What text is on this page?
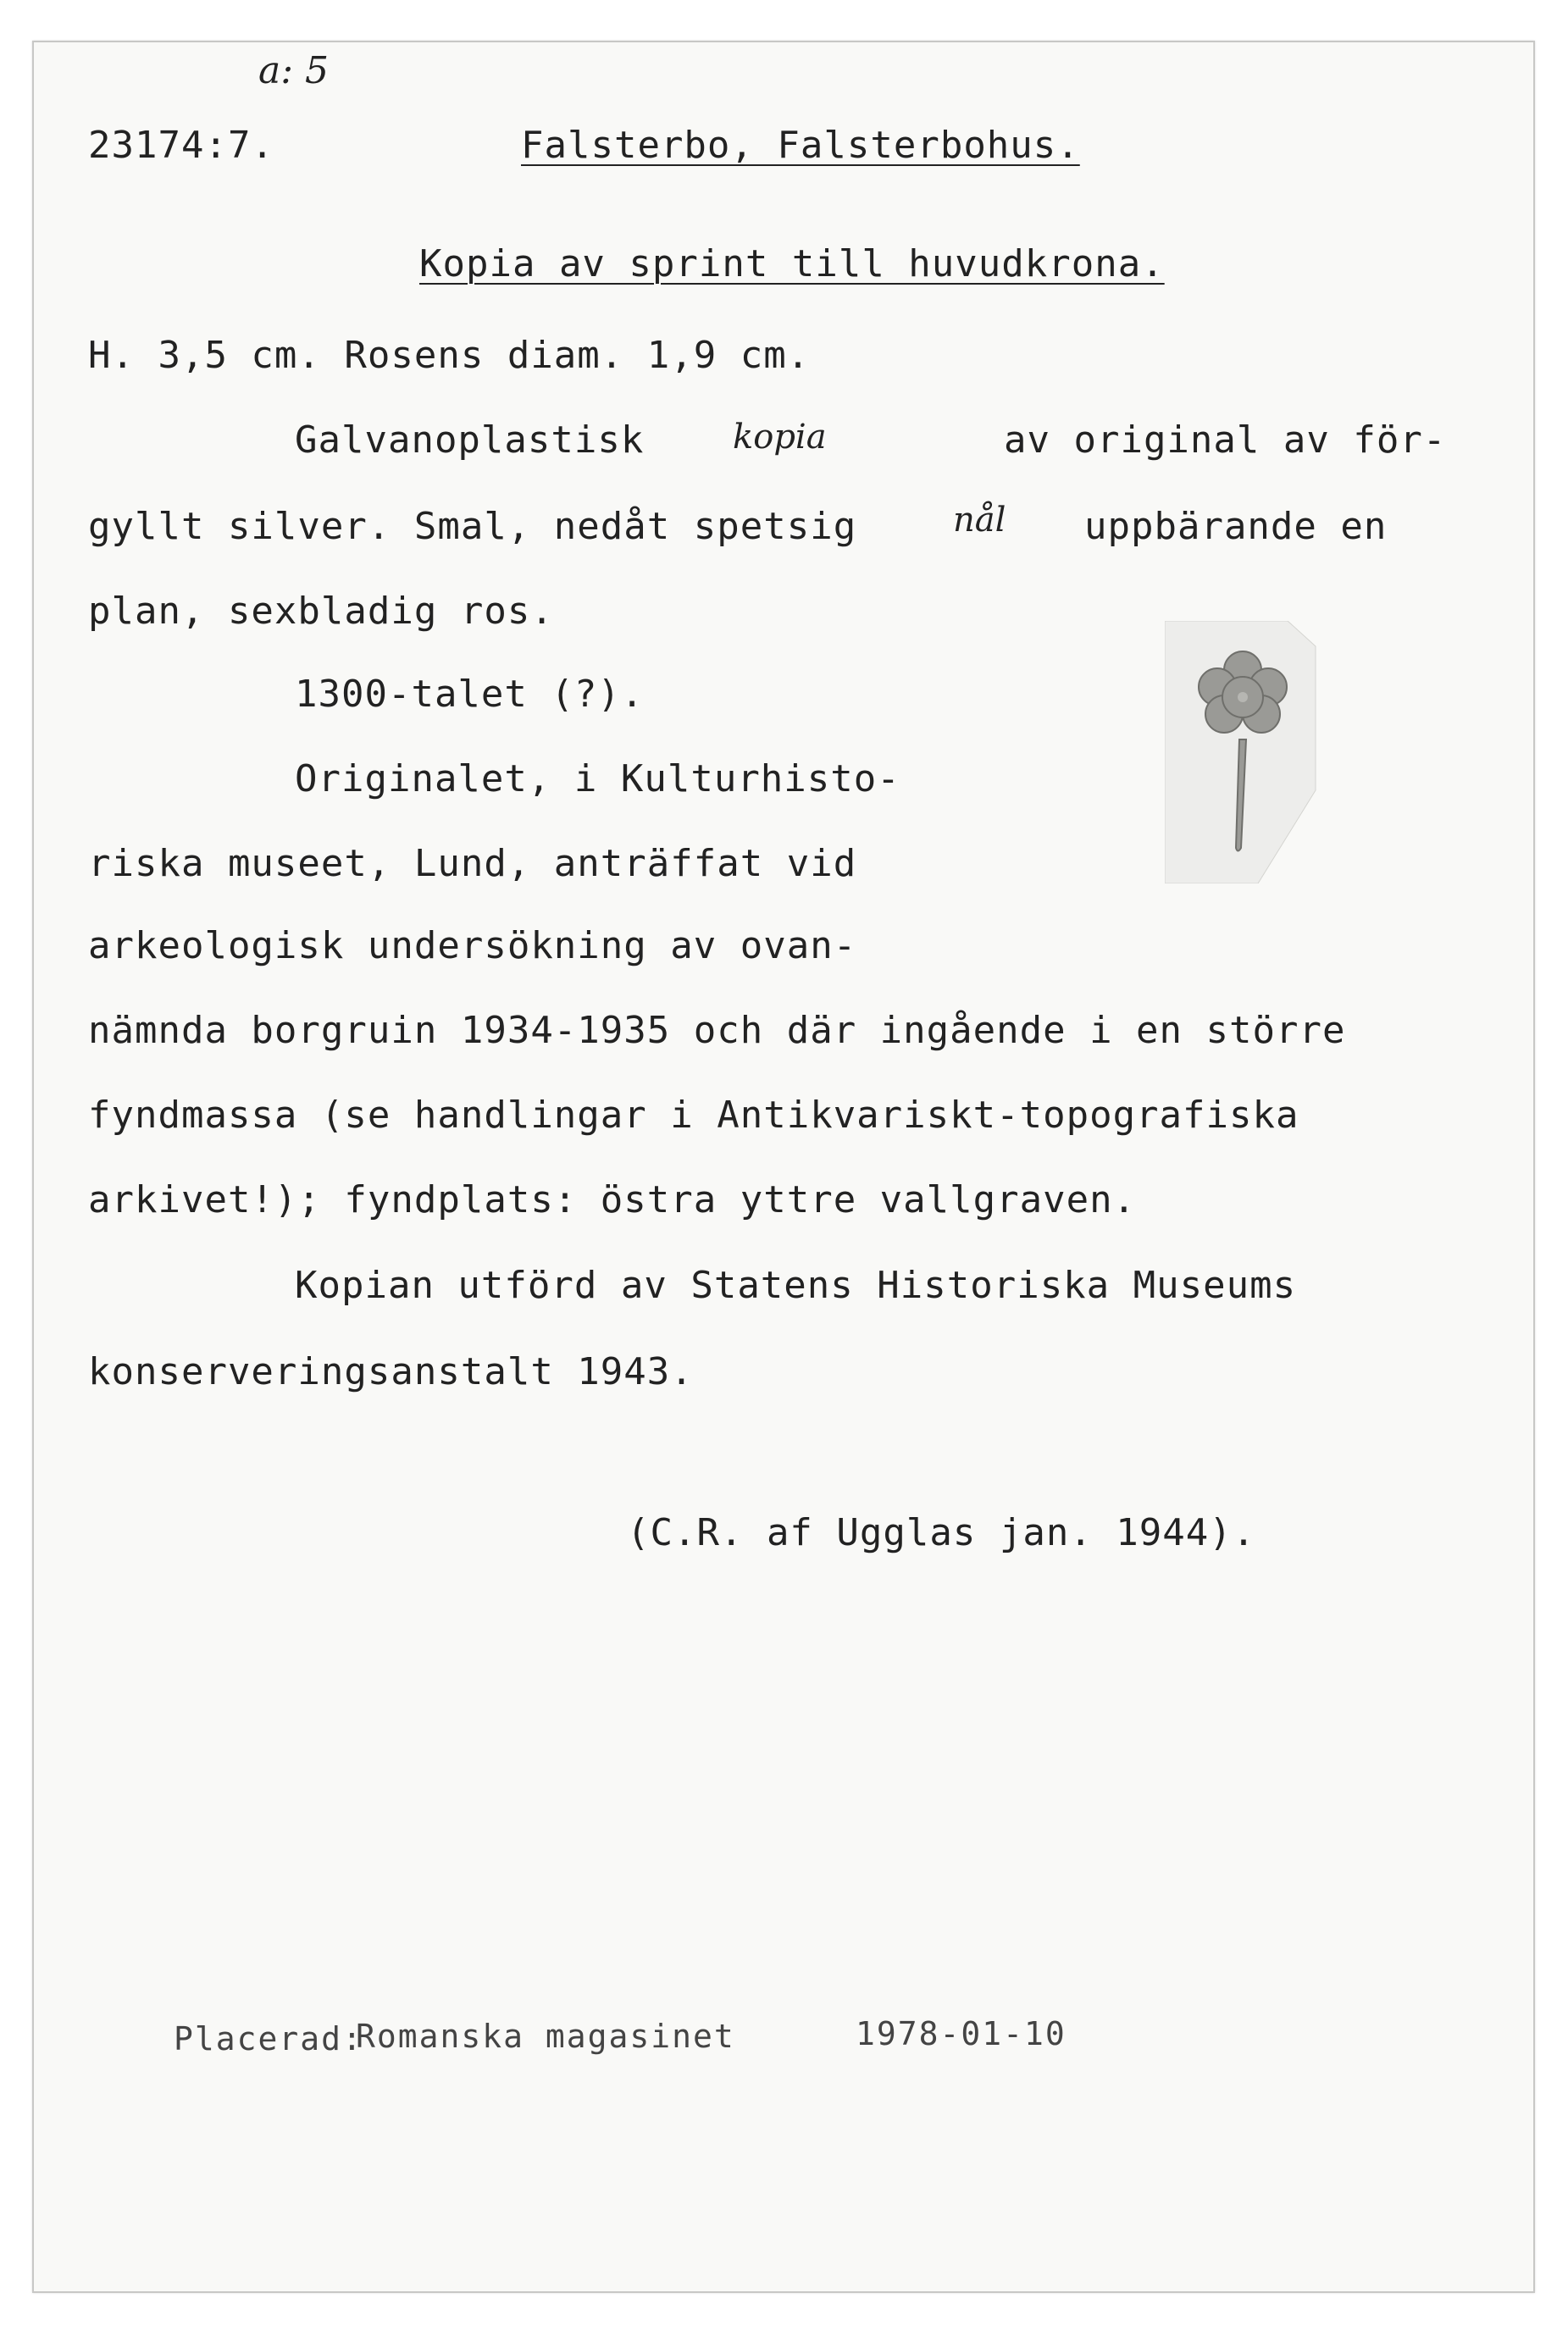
a: 5
23174:7.	Falsterbo, Falsterbohus.
Kopia av sprint till huvudkrona.
H. 3,5 cm. Rosens diam. 1,9 cm.
Galvanoplastisk	kopia	av original av för-
gyllt silver. Smal, nedåt spetsig	nål uppbärande en
plan, sexbladig ros.
1300-talet (?).
Originalet, i Kulturhisto-
riska museet, Lund, anträffat vid
arkeologisk undersökning av ovan-
nämnda borgruin 1934-1935 och där ingående i en större
fyndmassa (se handlingar i Antikvariskt-topografiska
arkivet!); fyndplats: östra yttre vallgraven.
Kopian utförd av Statens Historiska Museums
konserveringsanstalt 1943.
(C.R. af Ugglas jan. 1944).
Placerad:
Romanska magasinet	1978-01-10
